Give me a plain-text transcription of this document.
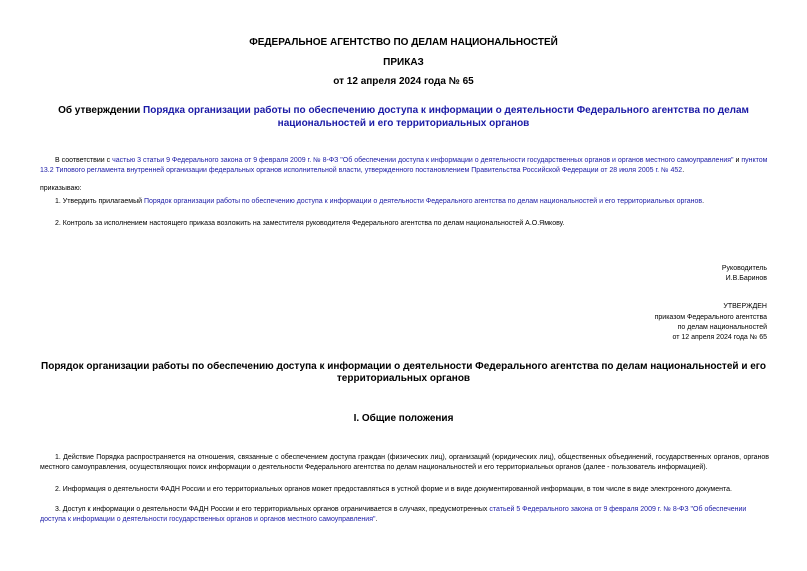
ФЕДЕРАЛЬНОЕ АГЕНТСТВО ПО ДЕЛАМ НАЦИОНАЛЬНОСТЕЙ
ПРИКАЗ
от 12 апреля 2024 года № 65
Об утверждении Порядка организации работы по обеспечению доступа к информации о деятельности Федерального агентства по делам национальностей и его территориальных органов
В соответствии с частью 3 статьи 9 Федерального закона от 9 февраля 2009 г. № 8-ФЗ "Об обеспечении доступа к информации о деятельности государственных органов и органов местного самоуправления" и пунктом 13.2 Типового регламента внутренней организации федеральных органов исполнительной власти, утвержденного постановлением Правительства Российской Федерации от 28 июля 2005 г. № 452.
приказываю:
1. Утвердить прилагаемый Порядок организации работы по обеспечению доступа к информации о деятельности Федерального агентства по делам национальностей и его территориальных органов.
2. Контроль за исполнением настоящего приказа возложить на заместителя руководителя Федерального агентства по делам национальностей А.О.Ямкову.
Руководитель
И.В.Баринов
УТВЕРЖДЕН
приказом Федерального агентства
по делам национальностей
от 12 апреля 2024 года № 65
Порядок организации работы по обеспечению доступа к информации о деятельности Федерального агентства по делам национальностей и его территориальных органов
I. Общие положения
1. Действие Порядка распространяется на отношения, связанные с обеспечением доступа граждан (физических лиц), организаций (юридических лиц), общественных объединений, государственных органов, органов местного самоуправления, осуществляющих поиск информации о деятельности Федерального агентства по делам национальностей и его территориальных органов (далее - пользователь информацией).
2. Информация о деятельности ФАДН России и его территориальных органов может предоставляться в устной форме и в виде документированной информации, в том числе в виде электронного документа.
3. Доступ к информации о деятельности ФАДН России и его территориальных органов ограничивается в случаях, предусмотренных статьей 5 Федерального закона от 9 февраля 2009 г. № 8-ФЗ "Об обеспечении доступа к информации о деятельности государственных органов и органов местного самоуправления".
